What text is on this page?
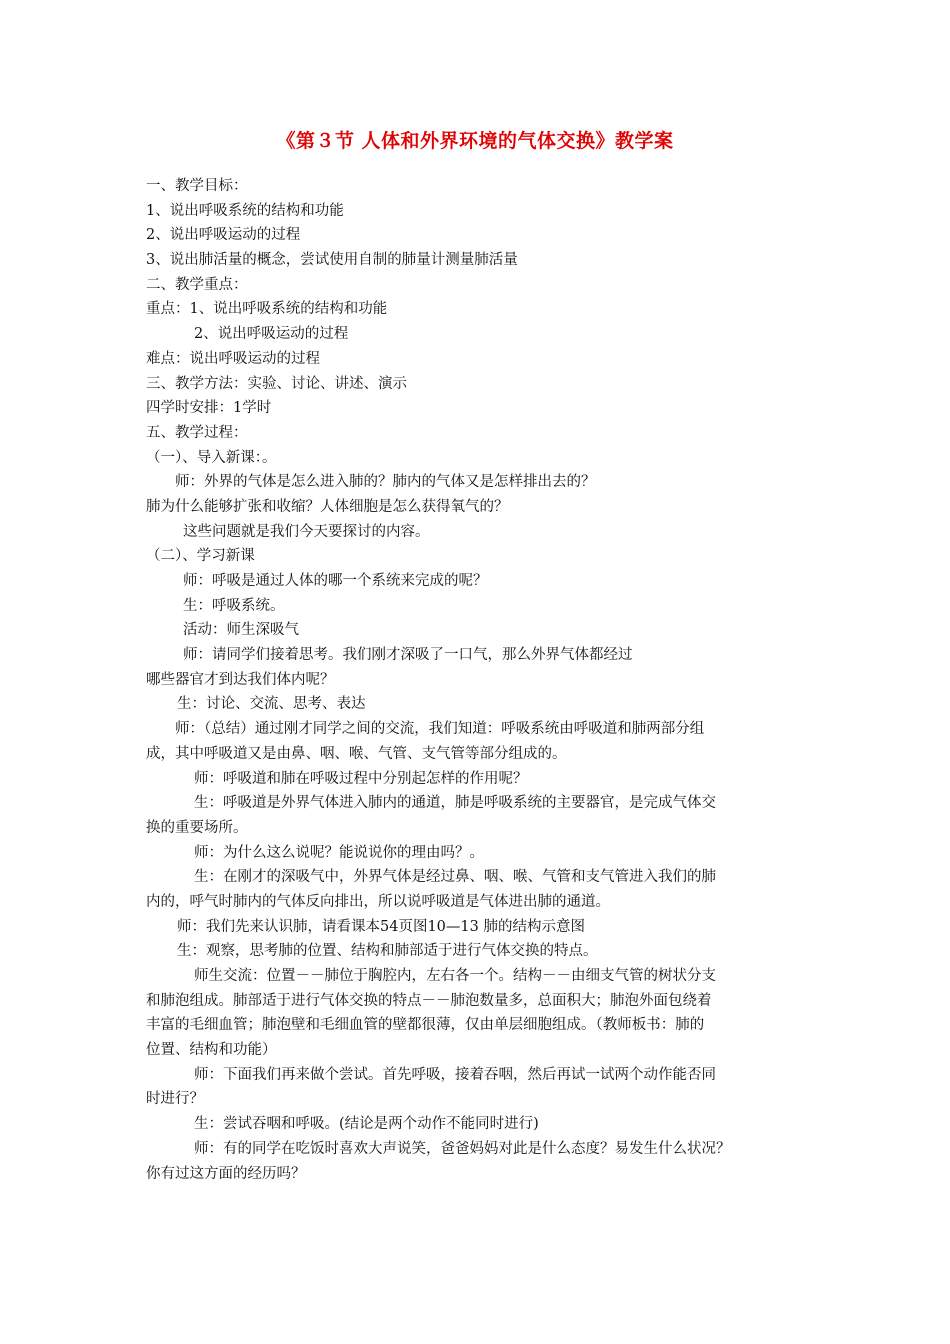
《第３节 人体和外界环境的气体交换》教学案
一、教学目标：
1、说出呼吸系统的结构和功能
2、说出呼吸运动的过程
3、说出肺活量的概念，尝试使用自制的肺量计测量肺活量
二、教学重点：
重点：1、说出呼吸系统的结构和功能
2、说出呼吸运动的过程
难点：说出呼吸运动的过程
三、教学方法：实验、讨论、讲述、演示
四学时安排：1学时
五、教学过程：
（一）、导入新课：。
师：外界的气体是怎么进入肺的？肺内的气体又是怎样排出去的？
肺为什么能够扩张和收缩？人体细胞是怎么获得氧气的？
这些问题就是我们今天要探讨的内容。
（二）、学习新课
师：呼吸是通过人体的哪一个系统来完成的呢？
生：呼吸系统。
活动：师生深吸气
师：请同学们接着思考。我们刚才深吸了一口气，那么外界气体都经过
哪些器官才到达我们体内呢？
生：讨论、交流、思考、表达
师：（总结）通过刚才同学之间的交流，我们知道：呼吸系统由呼吸道和肺两部分组
成，其中呼吸道又是由鼻、咽、喉、气管、支气管等部分组成的。
师：呼吸道和肺在呼吸过程中分别起怎样的作用呢？
生：呼吸道是外界气体进入肺内的通道，肺是呼吸系统的主要器官，是完成气体交
换的重要场所。
师：为什么这么说呢？能说说你的理由吗？。
生：在刚才的深吸气中，外界气体是经过鼻、咽、喉、气管和支气管进入我们的肺
内的，呼气时肺内的气体反向排出，所以说呼吸道是气体进出肺的通道。
师：我们先来认识肺，请看课本54页图10—13 肺的结构示意图
生：观察，思考肺的位置、结构和肺部适于进行气体交换的特点。
师生交流：位置－－肺位于胸腔内，左右各一个。结构－－由细支气管的树状分支
和肺泡组成。肺部适于进行气体交换的特点－－肺泡数量多，总面积大；肺泡外面包绕着
丰富的毛细血管；肺泡壁和毛细血管的壁都很薄，仅由单层细胞组成。（教师板书：肺的
位置、结构和功能）
师：下面我们再来做个尝试。首先呼吸，接着吞咽，然后再试一试两个动作能否同
时进行？
生：尝试吞咽和呼吸。(结论是两个动作不能同时进行)
师：有的同学在吃饭时喜欢大声说笑，爸爸妈妈对此是什么态度？易发生什么状况？
你有过这方面的经历吗？
